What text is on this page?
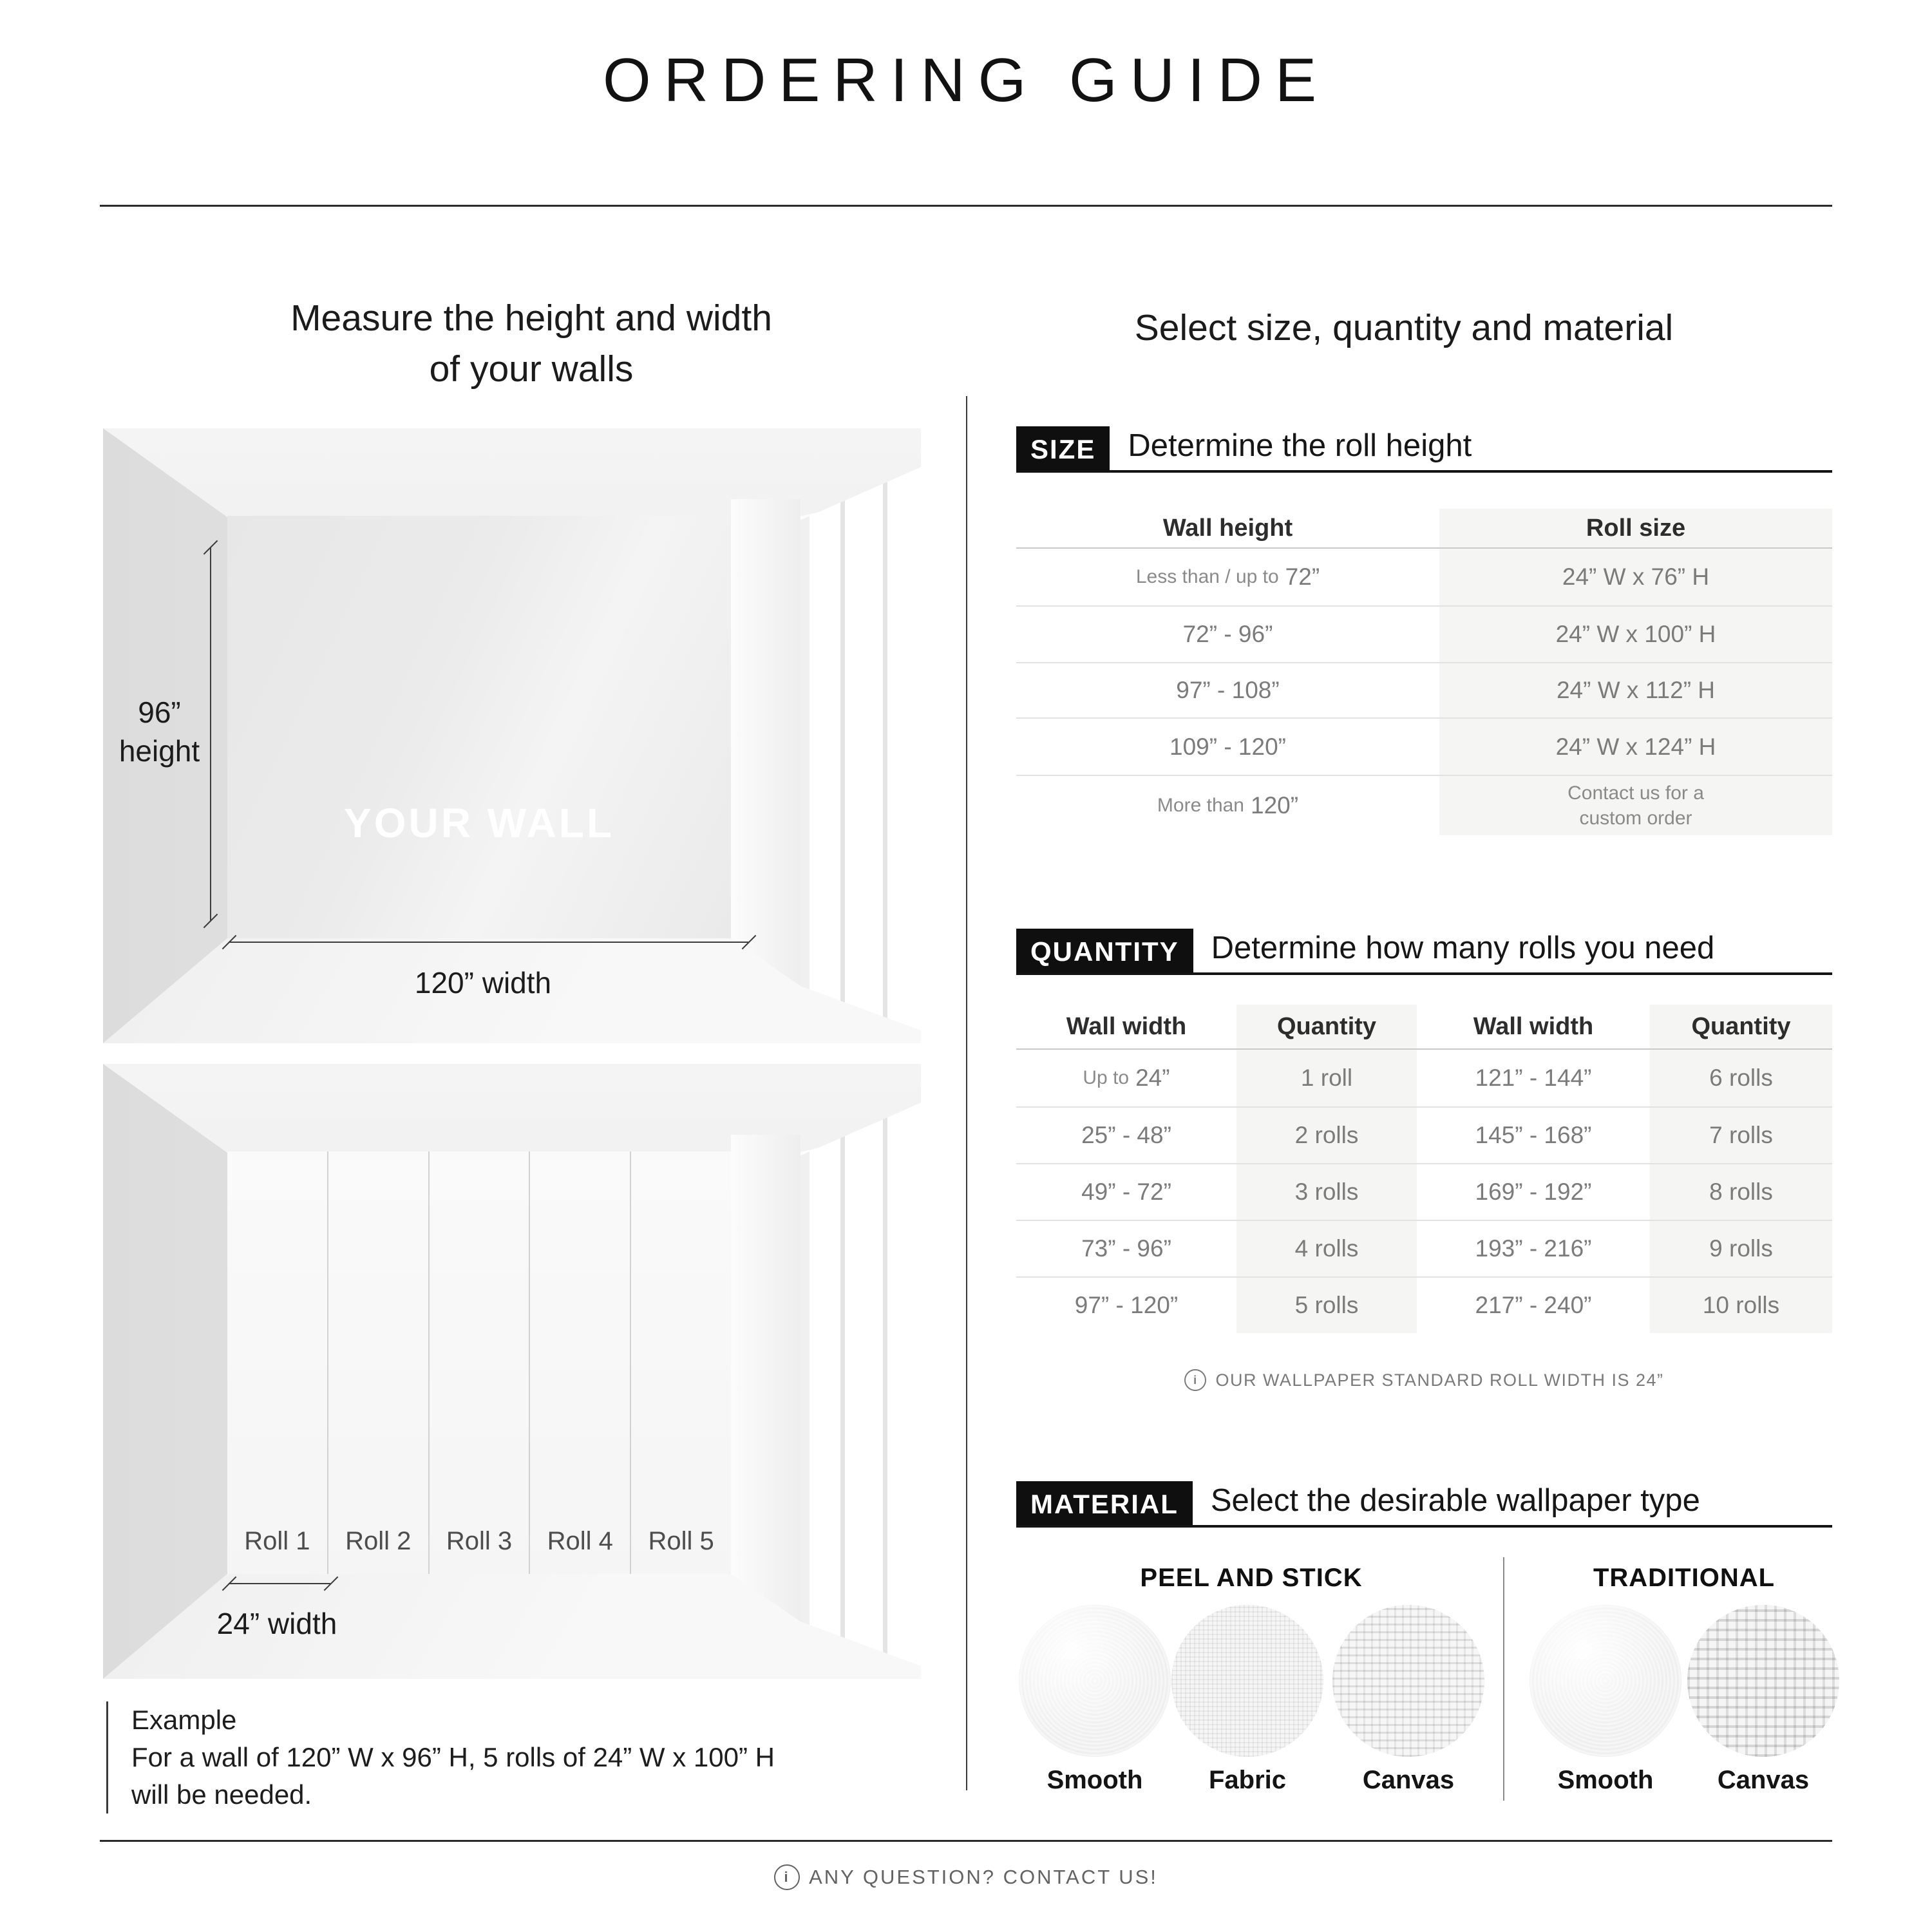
ORDERING GUIDE
Measure the height and width
of your walls
Select size, quantity and material
YOUR WALL
96”
height
120” width
Roll 1	Roll 2	Roll 3	Roll 4	Roll 5
24” width
Example
For a wall of 120” W x 96” H, 5 rolls of 24” W x 100” H
will be needed.
SIZE	Determine the roll height
Wall height	Roll size
Less than / up to 72”	24” W x 76” H
72” - 96”	24” W x 100” H
97” - 108”	24” W x 112” H
109” - 120”	24” W x 124” H
More than 120”	Contact us for a
custom order
QUANTITY	Determine how many rolls you need
Wall width	Quantity	Wall width	Quantity
Up to 24”	1 roll	121” - 144”	6 rolls
25” - 48”	2 rolls	145” - 168”	7 rolls
49” - 72”	3 rolls	169” - 192”	8 rolls
73” - 96”	4 rolls	193” - 216”	9 rolls
97” - 120”	5 rolls	217” - 240”	10 rolls
i	OUR WALLPAPER STANDARD ROLL WIDTH IS 24”
MATERIAL	Select the desirable wallpaper type
PEEL AND STICK	TRADITIONAL
Smooth	Fabric	Canvas	Smooth	Canvas
i ANY QUESTION? CONTACT US!
